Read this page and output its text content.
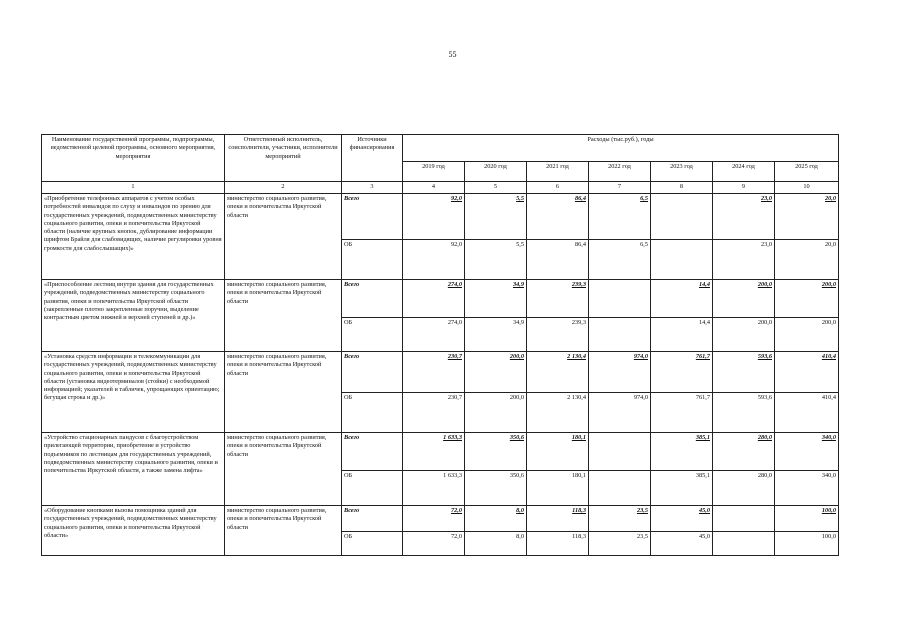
55
Наименование государственной программы, подпрограммы, ведомственной целевой программы, основного мероприятия, мероприятия	Ответственный исполнитель, соисполнители, участники, исполнители мероприятий	Источники финансирования	Расходы (тыс.руб.), годы						
			2019 год	2020 год	2021 год	2022 год	2023 год	2024 год	2025 год
1	2	3	4	5	6	7	8	9	10
«Приобретение телефонных аппаратов с учетом особых потребностей инвалидов по слуху и инвалидов по зрению для государственных учреждений, подведомственных министерству социального развития, опеки и попечительства Иркутской области (наличие крупных кнопок, дублирование информации шрифтом Брайля для слабовидящих, наличие регулировки уровня громкости для слабослышащих)»	министерство социального развития, опеки и попечительства Иркутской области	Всего	92,0	5,5	86,4	6,5		23,0	20,0
		ОБ	92,0	5,5	86,4	6,5		23,0	20,0
«Приспособление лестниц внутри здания для государственных учреждений, подведомственных министерству социального развития, опеки и попечительства Иркутской области (закрепленные плотно закрепленные поручни, выделение контрастным цветом нижней и верхней ступеней и др.)»	министерство социального развития, опеки и попечительства Иркутской области	Всего	274,0	34,9	239,3		14,4	200,0	200,0
		ОБ	274,0	34,9	239,3		14,4	200,0	200,0
«Установка средств информации и телекоммуникации для государственных учреждений, подведомственных министерству социального развития, опеки и попечительства Иркутской области (установка видеотерминалов (стойки) с необходимой информацией; указателей и табличек, упрощающих ориентацию; бегущая строка и др.)»	министерство социального развития, опеки и попечительства Иркутской области	Всего	230,7	200,0	2 130,4	974,0	761,7	593,6	410,4
		ОБ	230,7	200,0	2 130,4	974,0	761,7	593,6	410,4
«Устройство стационарных пандусов с благоустройством прилегающей территории, приобретение и устройство подъемников по лестницам для государственных учреждений, подведомственных министерству социального развития, опеки и попечительства Иркутской области, а также замена лифта»	министерство социального развития, опеки и попечительства Иркутской области	Всего	1 633,3	350,6	180,1		385,1	280,0	340,0
		ОБ	1 633,3	350,6	180,1		385,1	280,0	340,0
«Оборудование кнопками вызова помощника зданий для государственных учреждений, подведомственных министерству социального развития, опеки и попечительства Иркутской области»	министерство социального развития, опеки и попечительства Иркутской области	Всего	72,0	8,0	118,3	23,5	45,0		100,0
		ОБ	72,0	8,0	118,3	23,5	45,0		100,0
